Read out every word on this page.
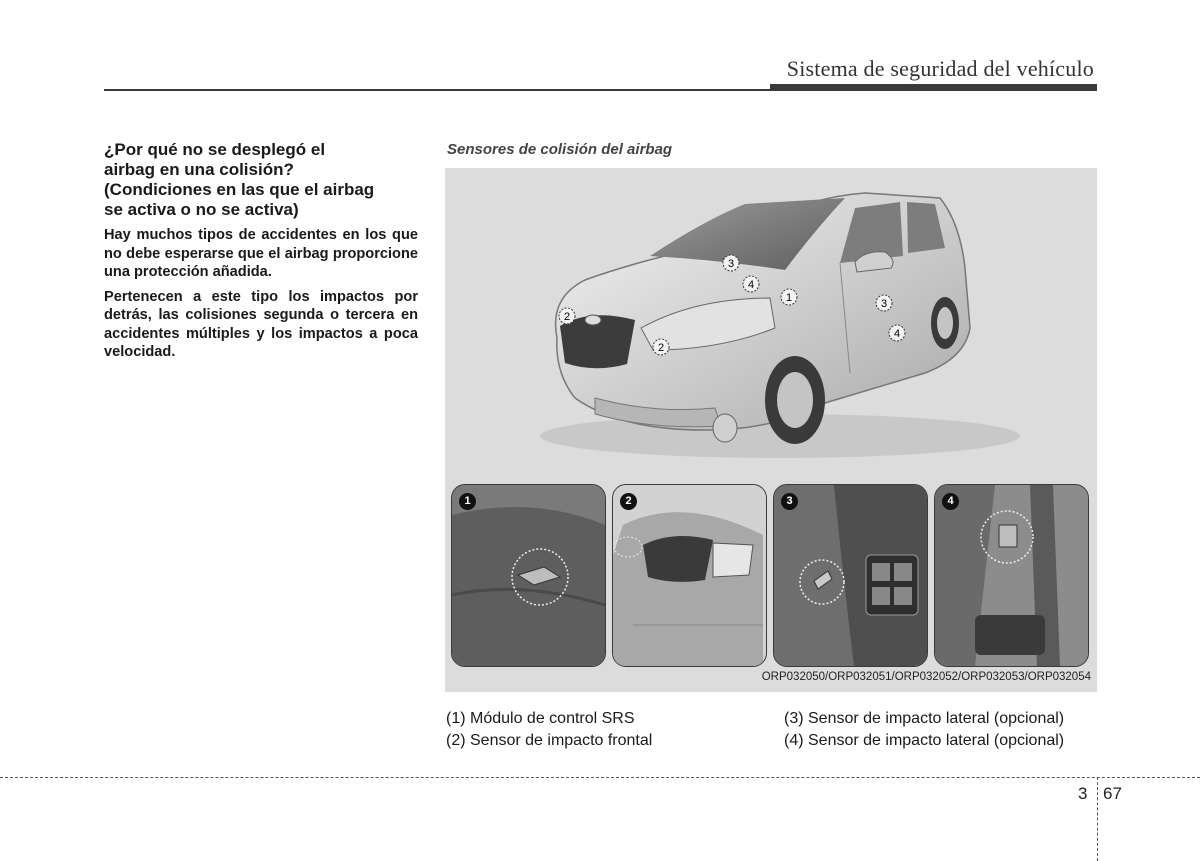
Sistema de seguridad del vehículo

¿Por qué no se desplegó el
airbag en una colisión?
(Condiciones en las que el airbag
se activa o no se activa)

Hay muchos tipos de accidentes en los que no debe esperarse que el airbag proporcione una protección añadida.

Pertenecen a este tipo los impactos por detrás, las colisiones segunda o tercera en accidentes múltiples y los impactos a poca velocidad.

Sensores de colisión del airbag
1
2
2
3
3
4
4
1	2	3	4
ORP032050/ORP032051/ORP032052/ORP032053/ORP032054
(1) Módulo de control SRS
(2) Sensor de impacto frontal
(3) Sensor de impacto lateral (opcional)
(4) Sensor de impacto lateral (opcional)
3 67
